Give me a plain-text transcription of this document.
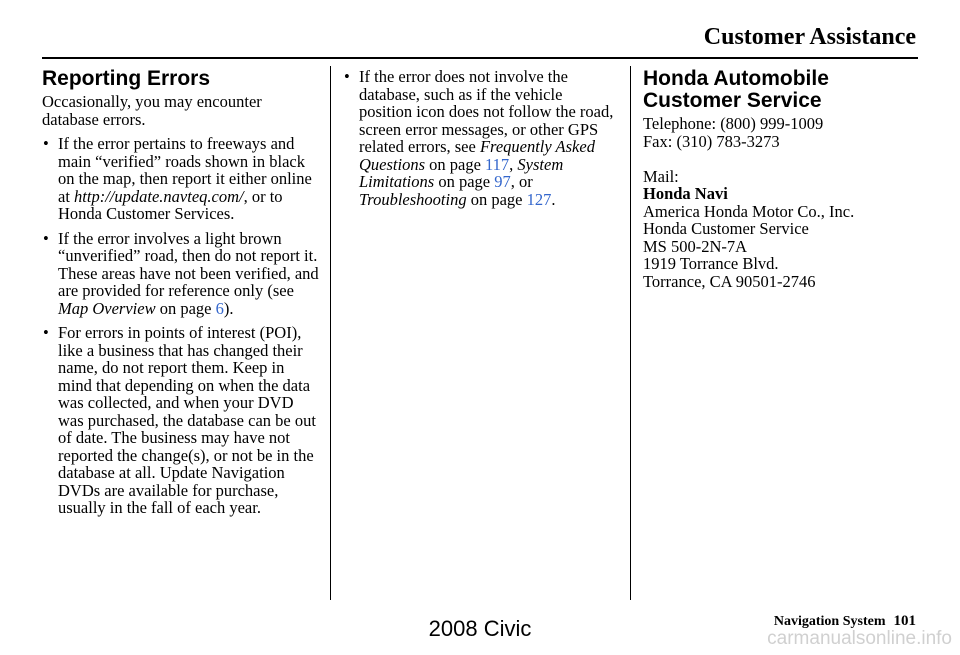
Customer Assistance
Reporting Errors

Occasionally, you may encounter database errors.

• If the error pertains to freeways and main “verified” roads shown in black on the map, then report it either online at http://update.navteq.com/, or to Honda Customer Services.
• If the error involves a light brown “unverified” road, then do not report it. These areas have not been verified, and are provided for reference only (see Map Overview on page 6).
• For errors in points of interest (POI), like a business that has changed their name, do not report them. Keep in mind that depending on when the data was collected, and when your DVD was purchased, the database can be out of date. The business may have not reported the change(s), or not be in the database at all. Update Navigation DVDs are available for purchase, usually in the fall of each year.
• If the error does not involve the database, such as if the vehicle position icon does not follow the road, screen error messages, or other GPS related errors, see Frequently Asked Questions on page 117, System Limitations on page 97, or Troubleshooting on page 127.
Honda Automobile
Customer Service
Telephone: (800) 999-1009
Fax: (310) 783-3273
Mail:
Honda Navi
America Honda Motor Co., Inc.
Honda Customer Service
MS 500-2N-7A
1919 Torrance Blvd.
Torrance, CA 90501-2746
Navigation System 101
2008 Civic	carmanualsonline.info
